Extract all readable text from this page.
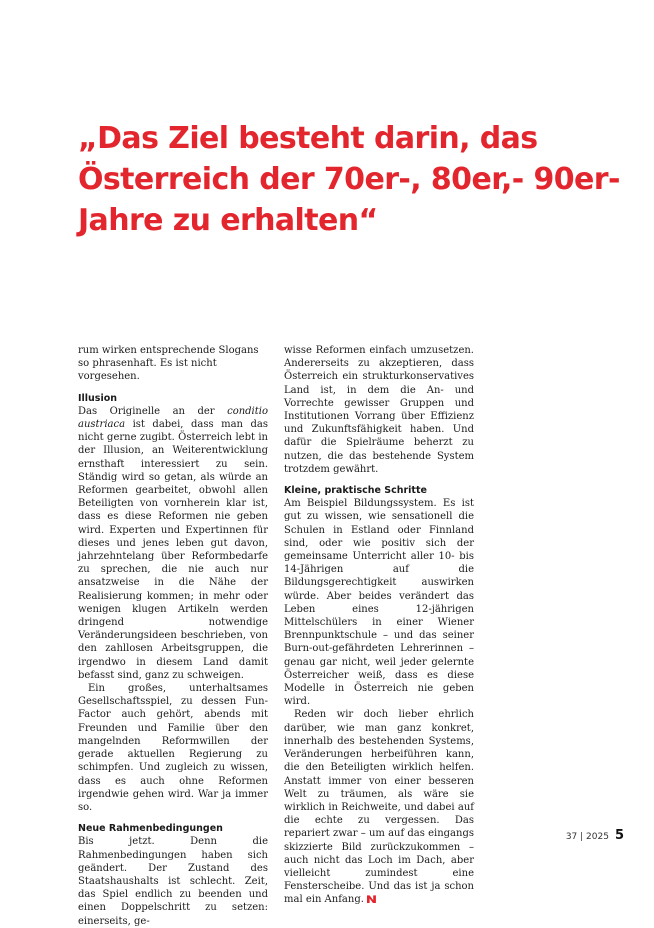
„Das Ziel besteht darin, das
Österreich der 70er-, 80er,- 90er-
Jahre zu erhalten“

rum wirken entsprechende Slogans so phrasenhaft. Es ist nicht vorgesehen.

Illusion

Das Originelle an der conditio austriaca ist dabei, dass man das nicht gerne zugibt. Österreich lebt in der Illusion, an Weiterentwicklung ernsthaft interessiert zu sein. Ständig wird so getan, als würde an Reformen gearbeitet, obwohl allen Beteiligten von vornherein klar ist, dass es diese Reformen nie geben wird. Experten und Expertinnen für dieses und jenes leben gut davon, jahrzehntelang über Reformbedarfe zu sprechen, die nie auch nur ansatzweise in die Nähe der Realisierung kommen; in mehr oder wenigen klugen Artikeln werden dringend notwendige Veränderungsideen beschrieben, von den zahllosen Arbeitsgruppen, die irgendwo in diesem Land damit befasst sind, ganz zu schweigen.

Ein großes, unterhaltsames Gesellschaftsspiel, zu dessen Fun-Factor auch gehört, abends mit Freunden und Familie über den mangelnden Reformwillen der gerade aktuellen Regierung zu schimpfen. Und zugleich zu wissen, dass es auch ohne Reformen irgendwie gehen wird. War ja immer so.

Neue Rahmenbedingungen

Bis jetzt. Denn die Rahmenbedingungen haben sich geändert. Der Zustand des Staatshaushalts ist schlecht. Zeit, das Spiel endlich zu beenden und einen Doppelschritt zu setzen: einerseits, ge-

wisse Reformen einfach umzusetzen. Andererseits zu akzeptieren, dass Österreich ein strukturkonservatives Land ist, in dem die An- und Vorrechte gewisser Gruppen und Institutionen Vorrang über Effizienz und Zukunftsfähigkeit haben. Und dafür die Spielräume beherzt zu nutzen, die das bestehende System trotzdem gewährt.

Kleine, praktische Schritte

Am Beispiel Bildungssystem. Es ist gut zu wissen, wie sensationell die Schulen in Estland oder Finnland sind, oder wie positiv sich der gemeinsame Unterricht aller 10- bis 14-Jährigen auf die Bildungsgerechtigkeit auswirken würde. Aber beides verändert das Leben eines 12-jährigen Mittelschülers in einer Wiener Brennpunktschule – und das seiner Burn-out-gefährdeten Lehrerinnen – genau gar nicht, weil jeder gelernte Österreicher weiß, dass es diese Modelle in Österreich nie geben wird.

Reden wir doch lieber ehrlich darüber, wie man ganz konkret, innerhalb des bestehenden Systems, Veränderungen herbeiführen kann, die den Beteiligten wirklich helfen. Anstatt immer von einer besseren Welt zu träumen, als wäre sie wirklich in Reichweite, und dabei auf die echte zu vergessen. Das repariert zwar – um auf das eingangs skizzierte Bild zurückzukommen – auch nicht das Loch im Dach, aber vielleicht zumindest eine Fensterscheibe. Und das ist ja schon mal ein Anfang.

37 | 2025 5
